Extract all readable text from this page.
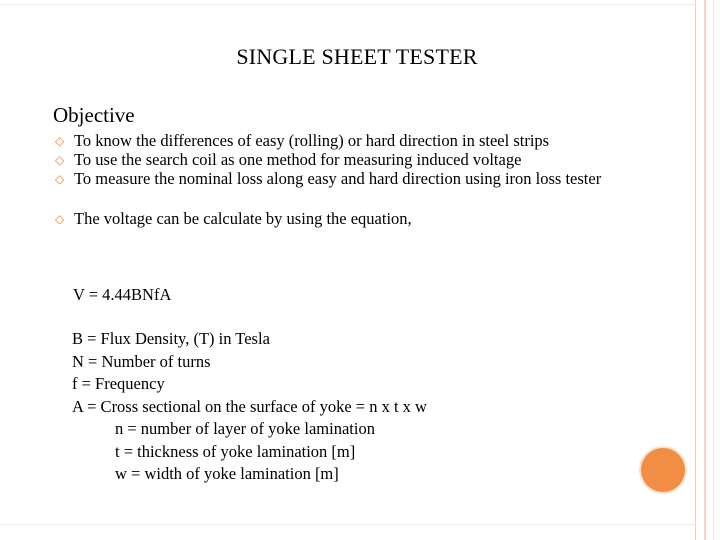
SINGLE SHEET TESTER
Objective
◇ To know the differences of easy (rolling) or hard direction in steel strips
◇ To use the search coil as one method for measuring induced voltage
◇ To measure the nominal loss along easy and hard direction using iron loss tester
◇ The voltage can be calculate by using the equation,
V = 4.44BNfA
B = Flux Density, (T) in Tesla
N = Number of turns
f = Frequency
A = Cross sectional on the surface of yoke = n x t x w
n = number of layer of yoke lamination
t = thickness of yoke lamination [m]
w = width of yoke lamination [m]
